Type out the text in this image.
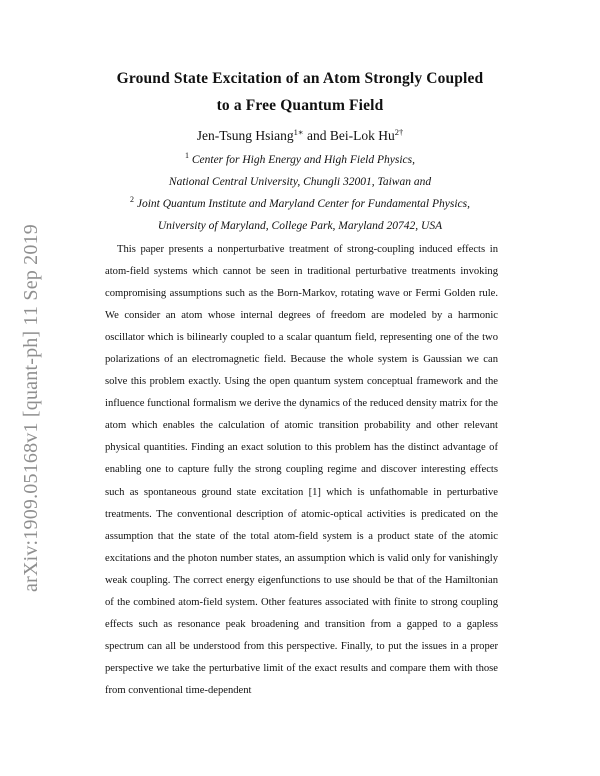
arXiv:1909.05168v1 [quant-ph] 11 Sep 2019
Ground State Excitation of an Atom Strongly Coupled
to a Free Quantum Field
Jen-Tsung Hsiang$^{1∗}$ and Bei-Lok $Hu^{2\dagger}$
$^1$ Center for High Energy and High Field Physics,
National Central University, Chungli 32001, Taiwan and
$^2$ Joint Quantum Institute and Maryland Center for Fundamental Physics,
University of Maryland, College Park, Maryland 20742, USA
This paper presents a nonperturbative treatment of strong-coupling induced effects in atom-field systems which cannot be seen in traditional perturbative treatments invoking compromising assumptions such as the Born-Markov, rotating wave or Fermi Golden rule. We consider an atom whose internal degrees of freedom are modeled by a harmonic oscillator which is bilinearly coupled to a scalar quantum field, representing one of the two polarizations of an electromagnetic field. Because the whole system is Gaussian we can solve this problem exactly. Using the open quantum system conceptual framework and the influence functional formalism we derive the dynamics of the reduced density matrix for the atom which enables the calculation of atomic transition probability and other relevant physical quantities. Finding an exact solution to this problem has the distinct advantage of enabling one to capture fully the strong coupling regime and discover interesting effects such as spontaneous ground state excitation [1] which is unfathomable in perturbative treatments. The conventional description of atomic-optical activities is predicated on the assumption that the state of the total atom-field system is a product state of the atomic excitations and the photon number states, an assumption which is valid only for vanishingly weak coupling. The correct energy eigenfunctions to use should be that of the Hamiltonian of the combined atom-field system. Other features associated with finite to strong coupling effects such as resonance peak broadening and transition from a gapped to a gapless spectrum can all be understood from this perspective. Finally, to put the issues in a proper perspective we take the perturbative limit of the exact results and compare them with those from conventional time-dependent
